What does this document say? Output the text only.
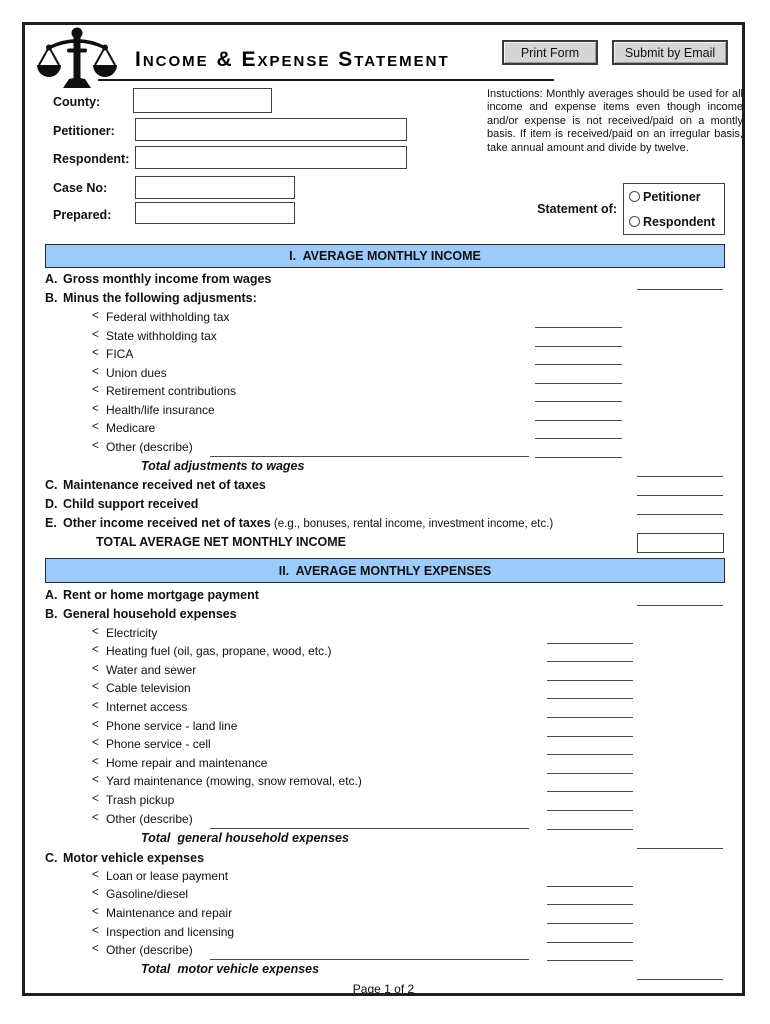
Income & Expense Statement	Print Form	Submit by Email
County:
Petitioner:
Respondent:
Case No:
Prepared:
Instuctions: Monthly averages should be used for all income and expense items even though income and/or expense is not received/paid on a montly basis. If item is received/paid on an irregular basis, take annual amount and divide by twelve.
Statement of:
Petitioner
Respondent
I.  AVERAGE MONTHLY INCOME
A. Gross monthly income from wages
B. Minus the following adjusments:
< Federal withholding tax
< State withholding tax
< FICA
< Union dues
< Retirement contributions
< Health/life insurance
< Medicare
< Other (describe)
Total adjustments to wages
C. Maintenance received net of taxes
D. Child support received
E. Other income received net of taxes (e.g., bonuses, rental income, investment income, etc.)
TOTAL AVERAGE NET MONTHLY INCOME
II.  AVERAGE MONTHLY EXPENSES
A. Rent or home mortgage payment
B. General household expenses
< Electricity
< Heating fuel (oil, gas, propane, wood, etc.)
< Water and sewer
< Cable television
< Internet access
< Phone service - land line
< Phone service - cell
< Home repair and maintenance
< Yard maintenance (mowing, snow removal, etc.)
< Trash pickup
< Other (describe)
Total  general household expenses
C. Motor vehicle expenses
< Loan or lease payment
< Gasoline/diesel
< Maintenance and repair
< Inspection and licensing
< Other (describe)
Total  motor vehicle expenses
Page 1 of 2
